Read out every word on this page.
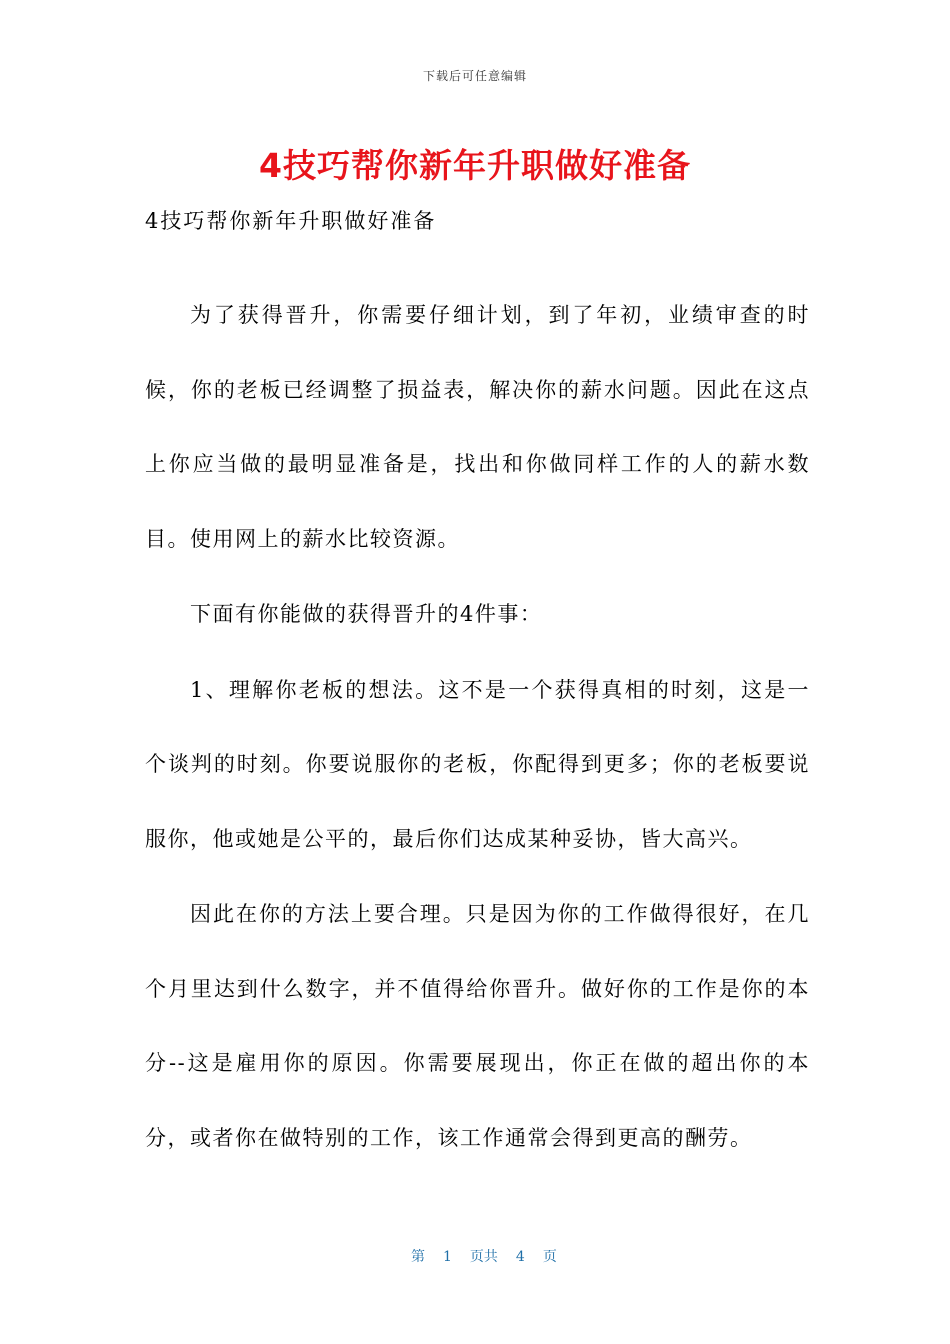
下载后可任意编辑
4技巧帮你新年升职做好准备

4技巧帮你新年升职做好准备

为了获得晋升，你需要仔细计划，到了年初，业绩审查的时候，你的老板已经调整了损益表，解决你的薪水问题。因此在这点上你应当做的最明显准备是，找出和你做同样工作的人的薪水数目。使用网上的薪水比较资源。

下面有你能做的获得晋升的4件事：

1、理解你老板的想法。这不是一个获得真相的时刻，这是一个谈判的时刻。你要说服你的老板，你配得到更多；你的老板要说服你，他或她是公平的，最后你们达成某种妥协，皆大高兴。

因此在你的方法上要合理。只是因为你的工作做得很好，在几个月里达到什么数字，并不值得给你晋升。做好你的工作是你的本分--这是雇用你的原因。你需要展现出，你正在做的超出你的本分，或者你在做特别的工作，该工作通常会得到更高的酬劳。

第 1 页共 4 页
